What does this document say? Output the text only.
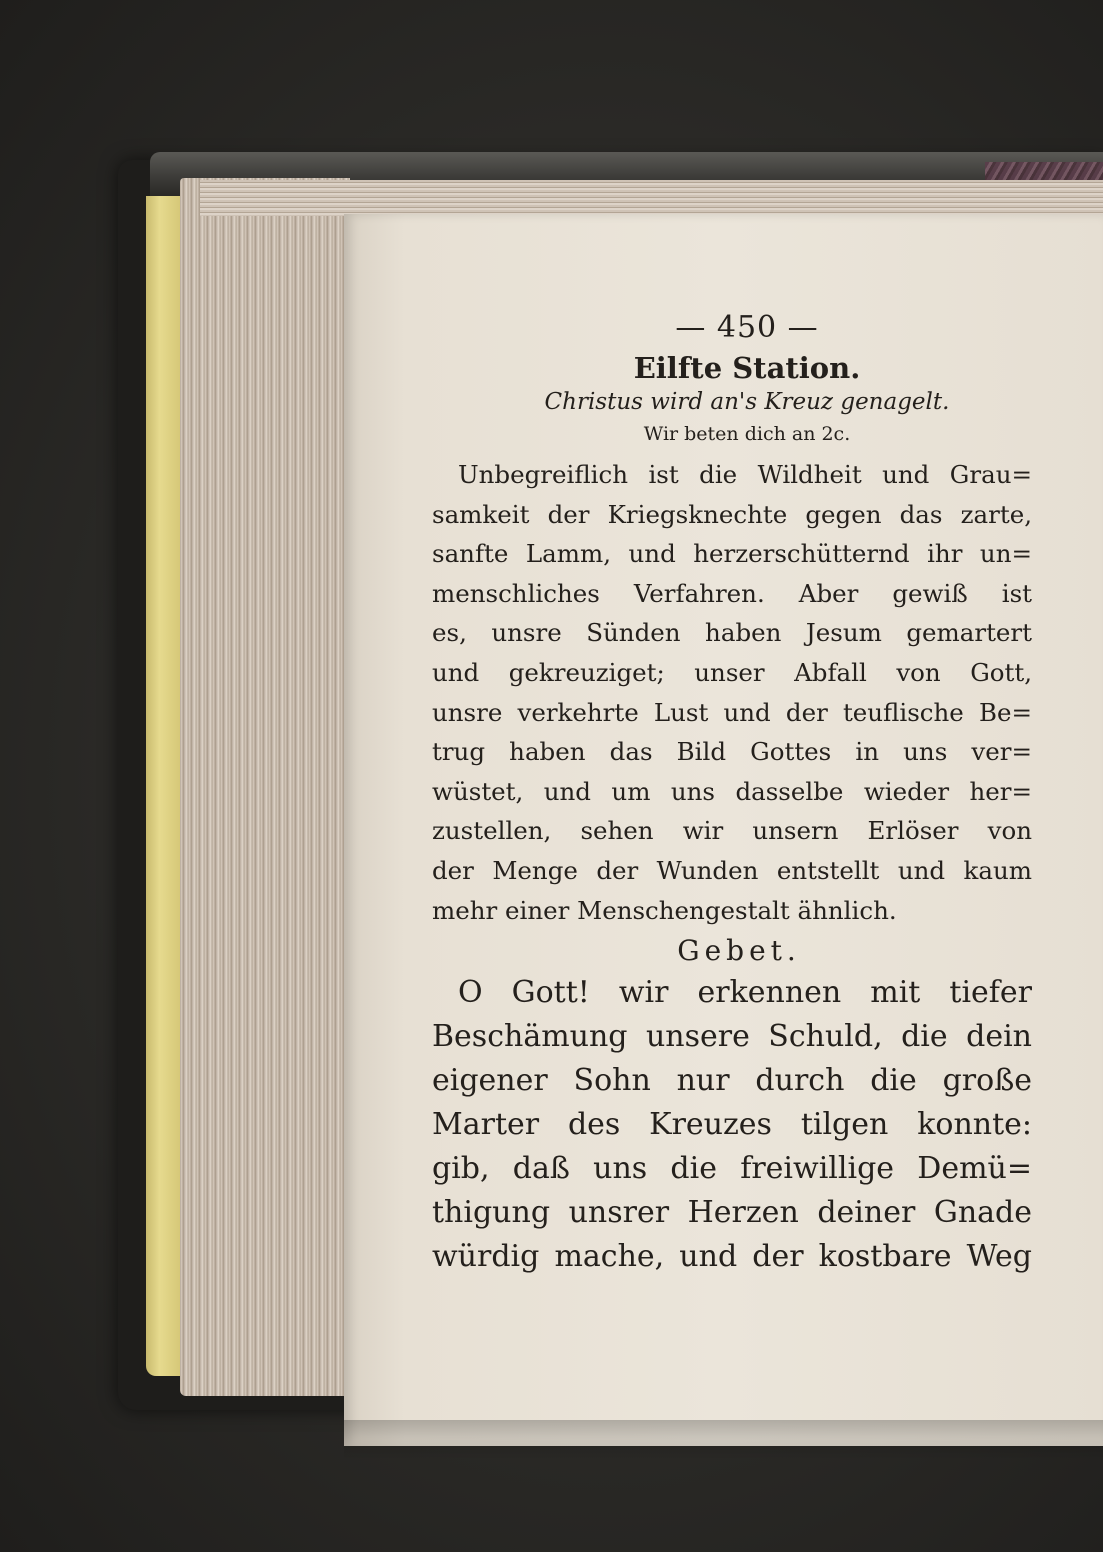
— 450 —
Eilfte Station.
Christus wird an's Kreuz genagelt.
Wir beten dich an 2c.
Unbegreiflich ist die Wildheit und Grau=
samkeit der Kriegsknechte gegen das zarte,
sanfte Lamm, und herzerschütternd ihr un=
menschliches Verfahren. Aber gewiß ist
es, unsre Sünden haben Jesum gemartert
und gekreuziget; unser Abfall von Gott,
unsre verkehrte Lust und der teuflische Be=
trug haben das Bild Gottes in uns ver=
wüstet, und um uns dasselbe wieder her=
zustellen, sehen wir unsern Erlöser von
der Menge der Wunden entstellt und kaum
mehr einer Menschengestalt ähnlich.
Gebet.
O Gott! wir erkennen mit tiefer
Beschämung unsere Schuld, die dein
eigener Sohn nur durch die große
Marter des Kreuzes tilgen konnte:
gib, daß uns die freiwillige Demü=
thigung unsrer Herzen deiner Gnade
würdig mache, und der kostbare Weg
